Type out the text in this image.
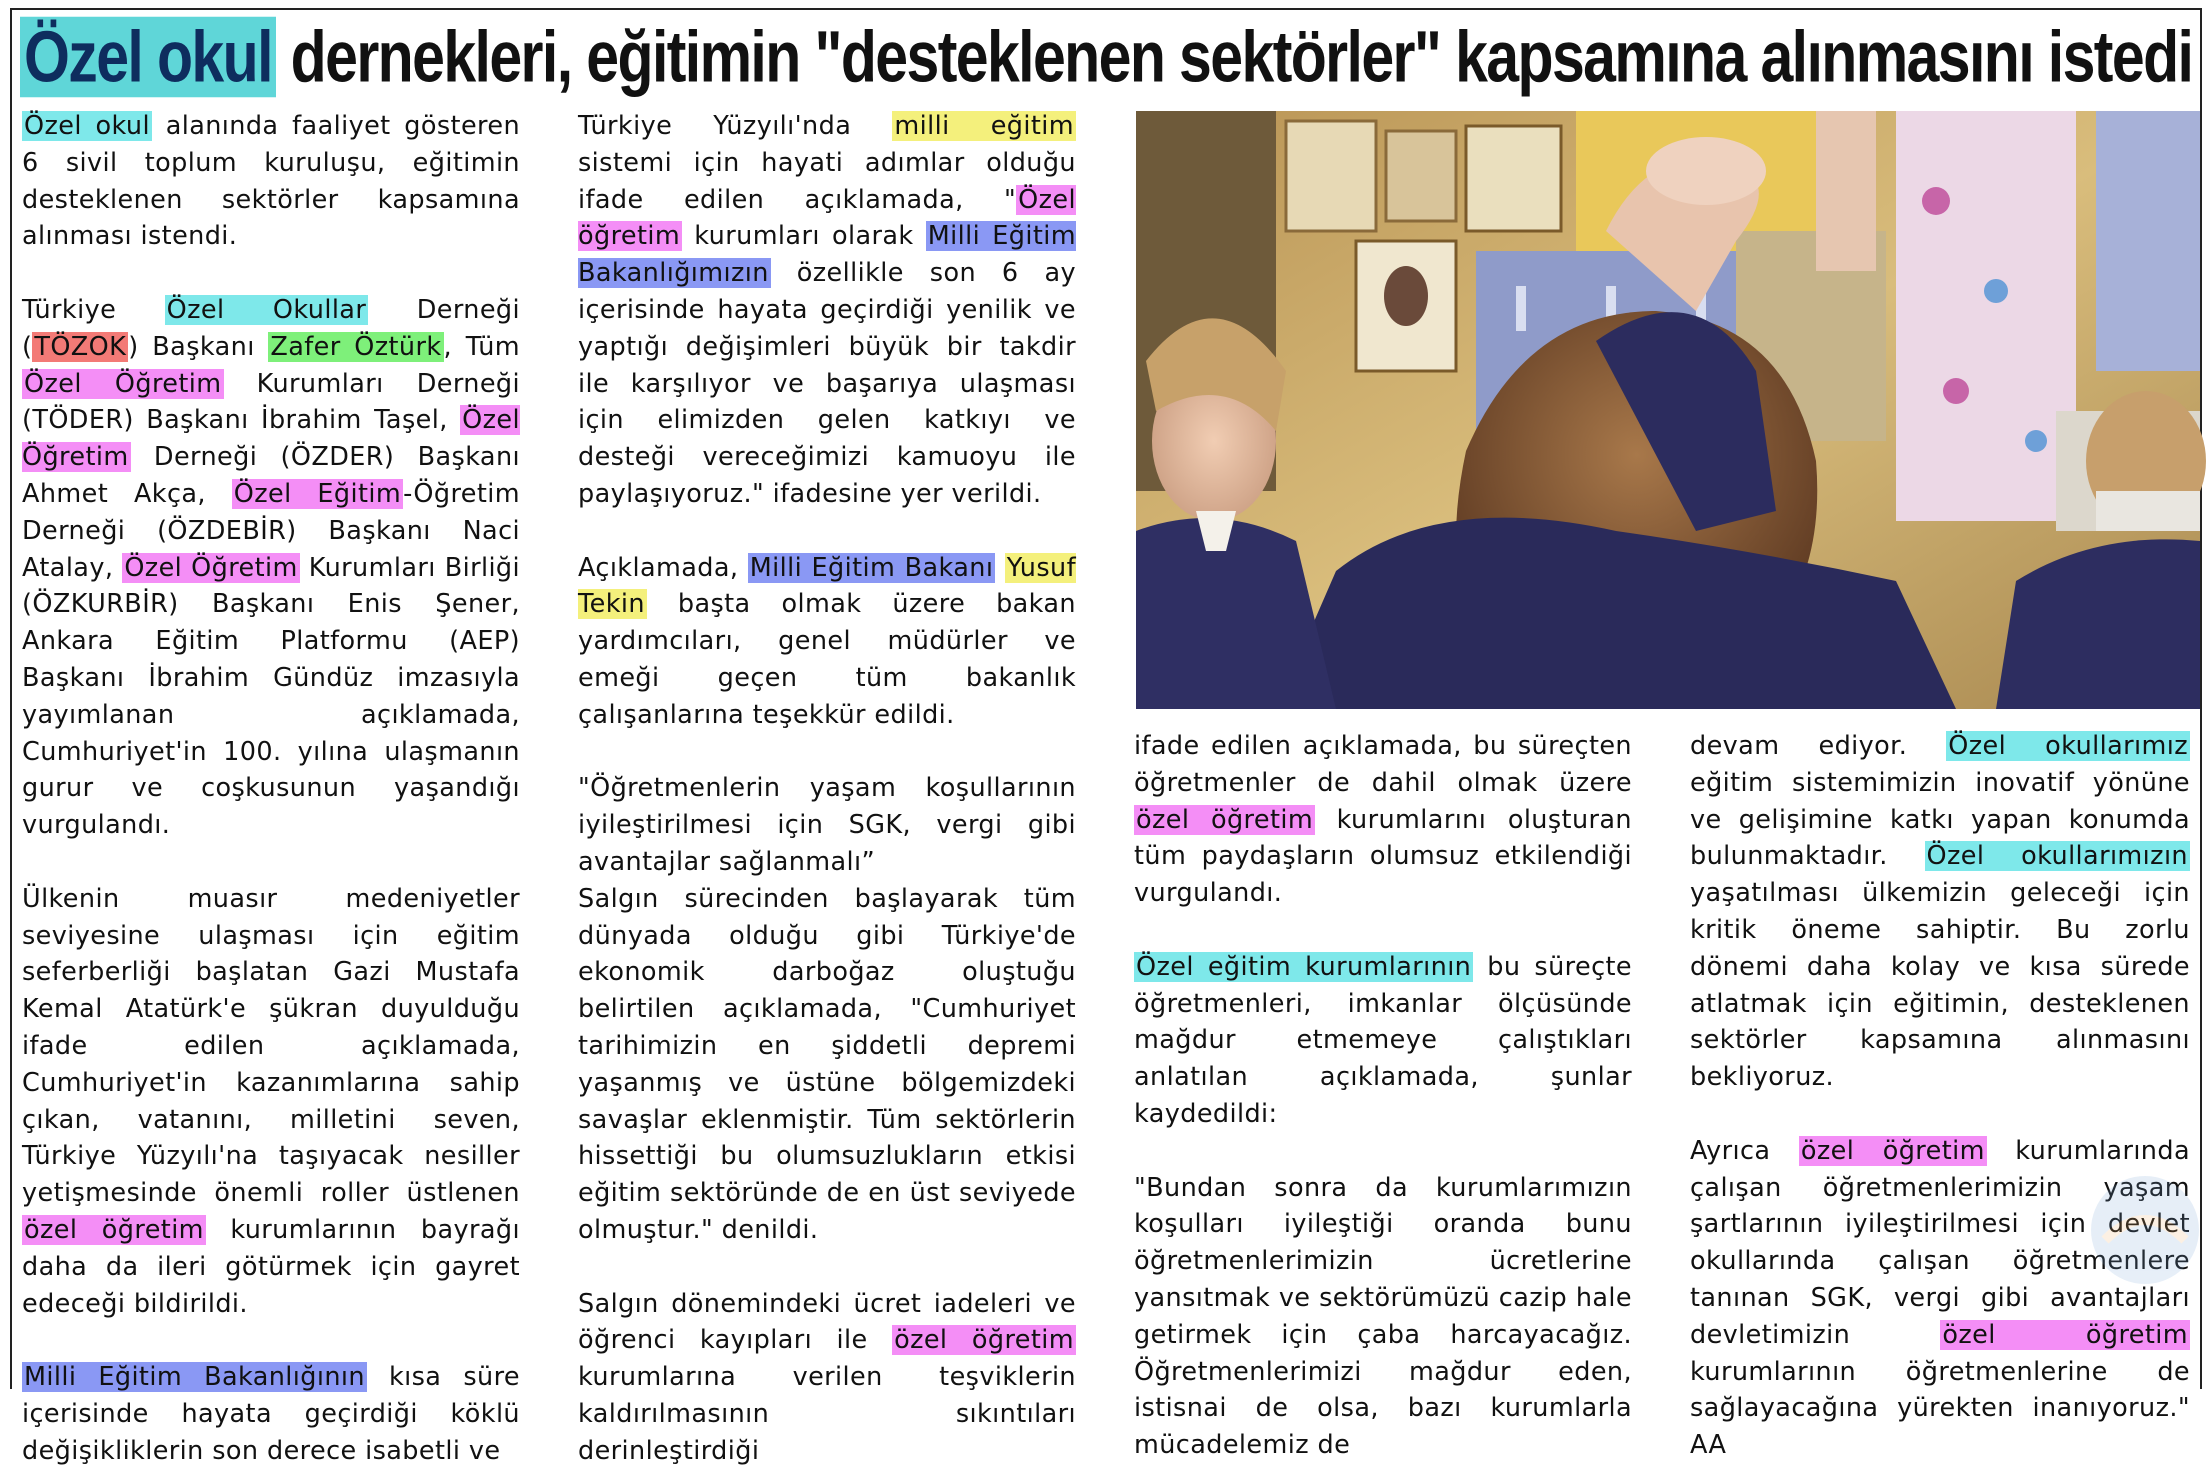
Özel okul dernekleri, eğitimin "desteklenen sektörler" kapsamına alınmasını istedi

Özel okul alanında faaliyet gösteren 6 sivil toplum kuruluşu, eğitimin desteklenen sektörler kapsamına alınması istendi.

Türkiye Özel Okullar Derneği (TÖZOK) Başkanı Zafer Öztürk, Tüm Özel Öğretim Kurumları Derneği (TÖDER) Başkanı İbrahim Taşel, Özel Öğretim Derneği (ÖZDER) Başkanı Ahmet Akça, Özel Eğitim-Öğretim Derneği (ÖZDEBİR) Başkanı Naci Atalay, Özel Öğretim Kurumları Birliği (ÖZKURBİR) Başkanı Enis Şener, Ankara Eğitim Platformu (AEP) Başkanı İbrahim Gündüz imzasıyla yayımlanan açıklamada, Cumhuriyet'in 100. yılına ulaşmanın gurur ve coşkusunun yaşandığı vurgulandı.

Ülkenin muasır medeniyetler seviyesine ulaşması için eğitim seferberliği başlatan Gazi Mustafa Kemal Atatürk'e şükran duyulduğu ifade edilen açıklamada, Cumhuriyet'in kazanımlarına sahip çıkan, vatanını, milletini seven, Türkiye Yüzyılı'na taşıyacak nesiller yetişmesinde önemli roller üstlenen özel öğretim kurumlarının bayrağı daha da ileri götürmek için gayret edeceği bildirildi.

Milli Eğitim Bakanlığının kısa süre içerisinde hayata geçirdiği köklü değişikliklerin son derece isabetli ve

Türkiye Yüzyılı'nda milli eğitim sistemi için hayati adımlar olduğu ifade edilen açıklamada, "Özel öğretim kurumları olarak Milli Eğitim Bakanlığımızın özellikle son 6 ay içerisinde hayata geçirdiği yenilik ve yaptığı değişimleri büyük bir takdir ile karşılıyor ve başarıya ulaşması için elimizden gelen katkıyı ve desteği vereceğimizi kamuoyu ile paylaşıyoruz." ifadesine yer verildi.

Açıklamada, Milli Eğitim Bakanı Yusuf Tekin başta olmak üzere bakan yardımcıları, genel müdürler ve emeği geçen tüm bakanlık çalışanlarına teşekkür edildi.

"Öğretmenlerin yaşam koşullarının iyileştirilmesi için SGK, vergi gibi avantajlar sağlanmalı”

Salgın sürecinden başlayarak tüm dünyada olduğu gibi Türkiye'de ekonomik darboğaz oluştuğu belirtilen açıklamada, "Cumhuriyet tarihimizin en şiddetli depremi yaşanmış ve üstüne bölgemizdeki savaşlar eklenmiştir. Tüm sektörlerin hissettiği bu olumsuzlukların etkisi eğitim sektöründe de en üst seviyede olmuştur." denildi.

Salgın dönemindeki ücret iadeleri ve öğrenci kayıpları ile özel öğretim kurumlarına verilen teşviklerin kaldırılmasının sıkıntıları derinleştirdiği

ifade edilen açıklamada, bu süreçten öğretmenler de dahil olmak üzere özel öğretim kurumlarını oluşturan tüm paydaşların olumsuz etkilendiği vurgulandı.

Özel eğitim kurumlarının bu süreçte öğretmenleri, imkanlar ölçüsünde mağdur etmemeye çalıştıkları anlatılan açıklamada, şunlar kaydedildi:

"Bundan sonra da kurumlarımızın koşulları iyileştiği oranda bunu öğretmenlerimizin ücretlerine yansıtmak ve sektörümüzü cazip hale getirmek için çaba harcayacağız. Öğretmenlerimizi mağdur eden, istisnai de olsa, bazı kurumlarla mücadelemiz de

devam ediyor. Özel okullarımız eğitim sistemimizin inovatif yönüne ve gelişimine katkı yapan konumda bulunmaktadır. Özel okullarımızın yaşatılması ülkemizin geleceği için kritik öneme sahiptir. Bu zorlu dönemi daha kolay ve kısa sürede atlatmak için eğitimin, desteklenen sektörler kapsamına alınmasını bekliyoruz.

Ayrıca özel öğretim kurumlarında çalışan öğretmenlerimizin yaşam şartlarının iyileştirilmesi için devlet okullarında çalışan öğretmenlere tanınan SGK, vergi gibi avantajları devletimizin özel öğretim kurumlarının öğretmenlerine de sağlayacağına yürekten inanıyoruz." AA
